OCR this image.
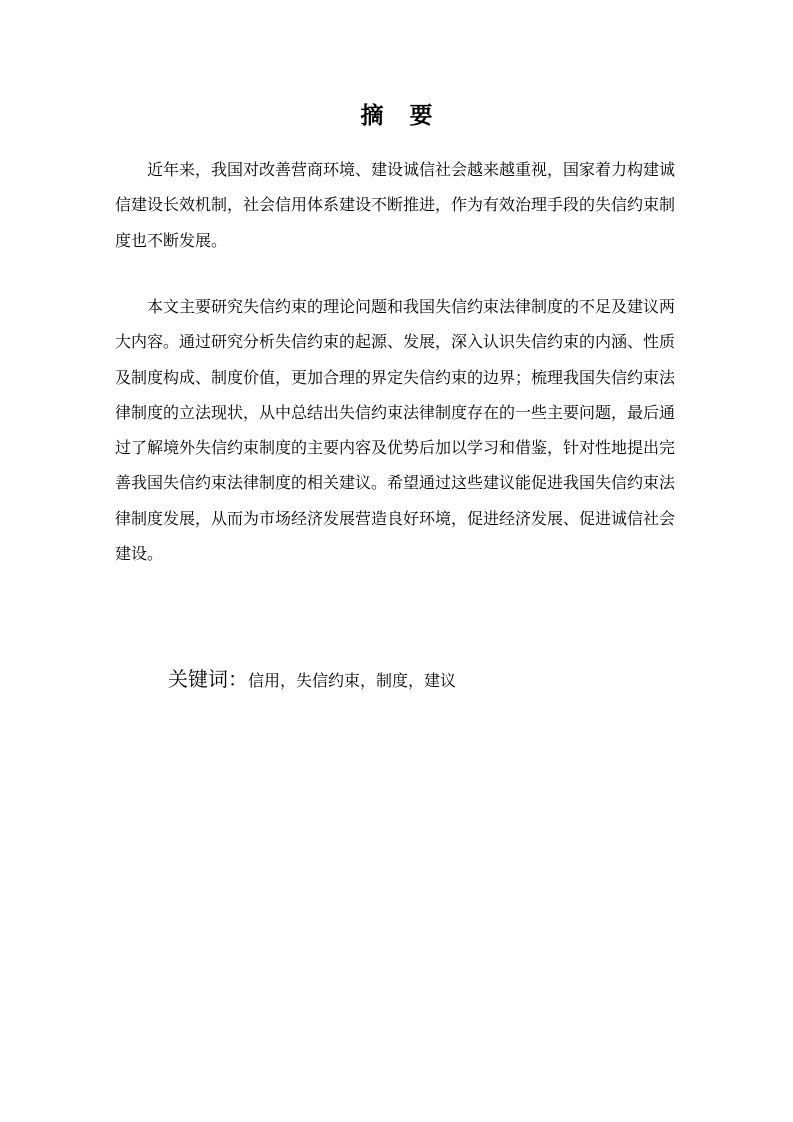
摘要

近年来，我国对改善营商环境、建设诚信社会越来越重视，国家着力构建诚信建设长效机制，社会信用体系建设不断推进，作为有效治理手段的失信约束制度也不断发展。

本文主要研究失信约束的理论问题和我国失信约束法律制度的不足及建议两大内容。通过研究分析失信约束的起源、发展，深入认识失信约束的内涵、性质及制度构成、制度价值，更加合理的界定失信约束的边界；梳理我国失信约束法律制度的立法现状，从中总结出失信约束法律制度存在的一些主要问题，最后通过了解境外失信约束制度的主要内容及优势后加以学习和借鉴，针对性地提出完善我国失信约束法律制度的相关建议。希望通过这些建议能促进我国失信约束法律制度发展，从而为市场经济发展营造良好环境，促进经济发展、促进诚信社会建设。

关键词：信用，失信约束，制度，建议
